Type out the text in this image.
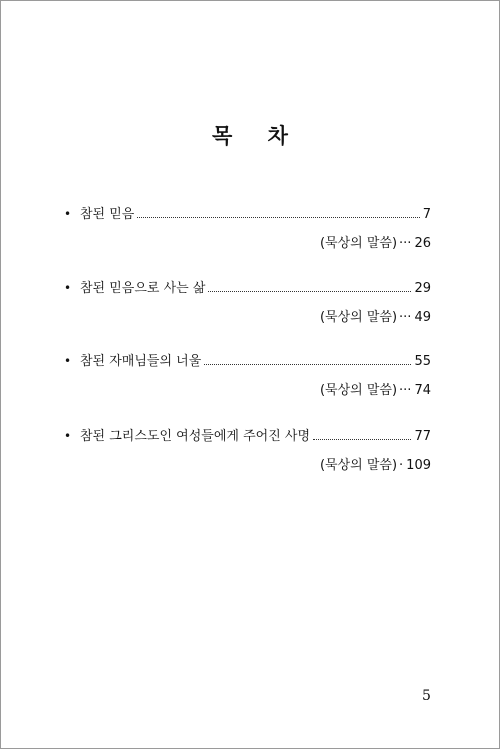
목 차
• 참된 믿음	7
(묵상의 말씀) ··· 26
• 참된 믿음으로 사는 삶	29
(묵상의 말씀) ··· 49
• 참된 자매님들의 너울	55
(묵상의 말씀) ··· 74
• 참된 그리스도인 여성들에게 주어진 사명	77
(묵상의 말씀) · 109
5
